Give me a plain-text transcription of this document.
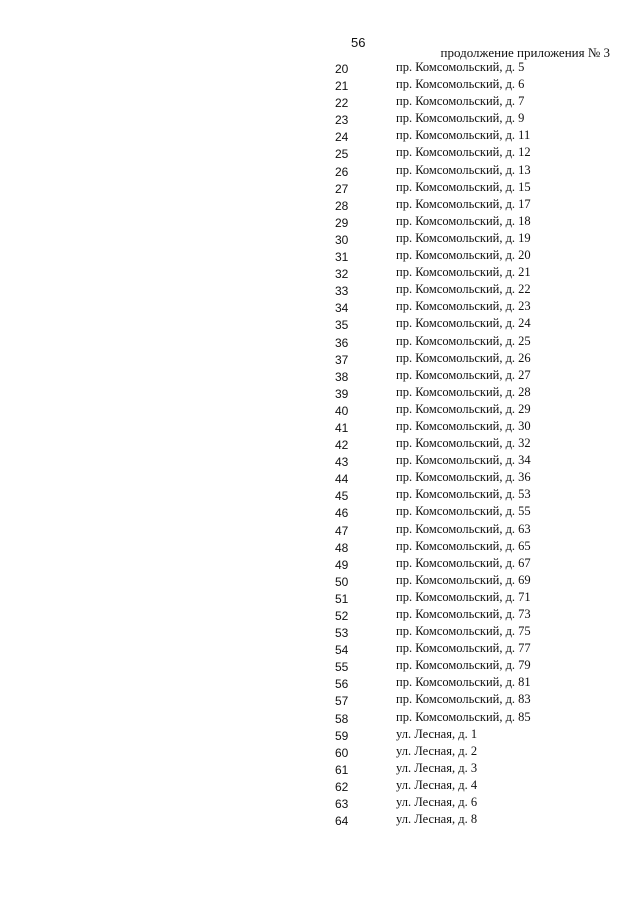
56
продолжение приложения № 3
20	пр. Комсомольский, д. 5
21	пр. Комсомольский, д. 6
22	пр. Комсомольский, д. 7
23	пр. Комсомольский, д. 9
24	пр. Комсомольский, д. 11
25	пр. Комсомольский, д. 12
26	пр. Комсомольский, д. 13
27	пр. Комсомольский, д. 15
28	пр. Комсомольский, д. 17
29	пр. Комсомольский, д. 18
30	пр. Комсомольский, д. 19
31	пр. Комсомольский, д. 20
32	пр. Комсомольский, д. 21
33	пр. Комсомольский, д. 22
34	пр. Комсомольский, д. 23
35	пр. Комсомольский, д. 24
36	пр. Комсомольский, д. 25
37	пр. Комсомольский, д. 26
38	пр. Комсомольский, д. 27
39	пр. Комсомольский, д. 28
40	пр. Комсомольский, д. 29
41	пр. Комсомольский, д. 30
42	пр. Комсомольский, д. 32
43	пр. Комсомольский, д. 34
44	пр. Комсомольский, д. 36
45	пр. Комсомольский, д. 53
46	пр. Комсомольский, д. 55
47	пр. Комсомольский, д. 63
48	пр. Комсомольский, д. 65
49	пр. Комсомольский, д. 67
50	пр. Комсомольский, д. 69
51	пр. Комсомольский, д. 71
52	пр. Комсомольский, д. 73
53	пр. Комсомольский, д. 75
54	пр. Комсомольский, д. 77
55	пр. Комсомольский, д. 79
56	пр. Комсомольский, д. 81
57	пр. Комсомольский, д. 83
58	пр. Комсомольский, д. 85
59	ул. Лесная, д. 1
60	ул. Лесная, д. 2
61	ул. Лесная, д. 3
62	ул. Лесная, д. 4
63	ул. Лесная, д. 6
64	ул. Лесная, д. 8
